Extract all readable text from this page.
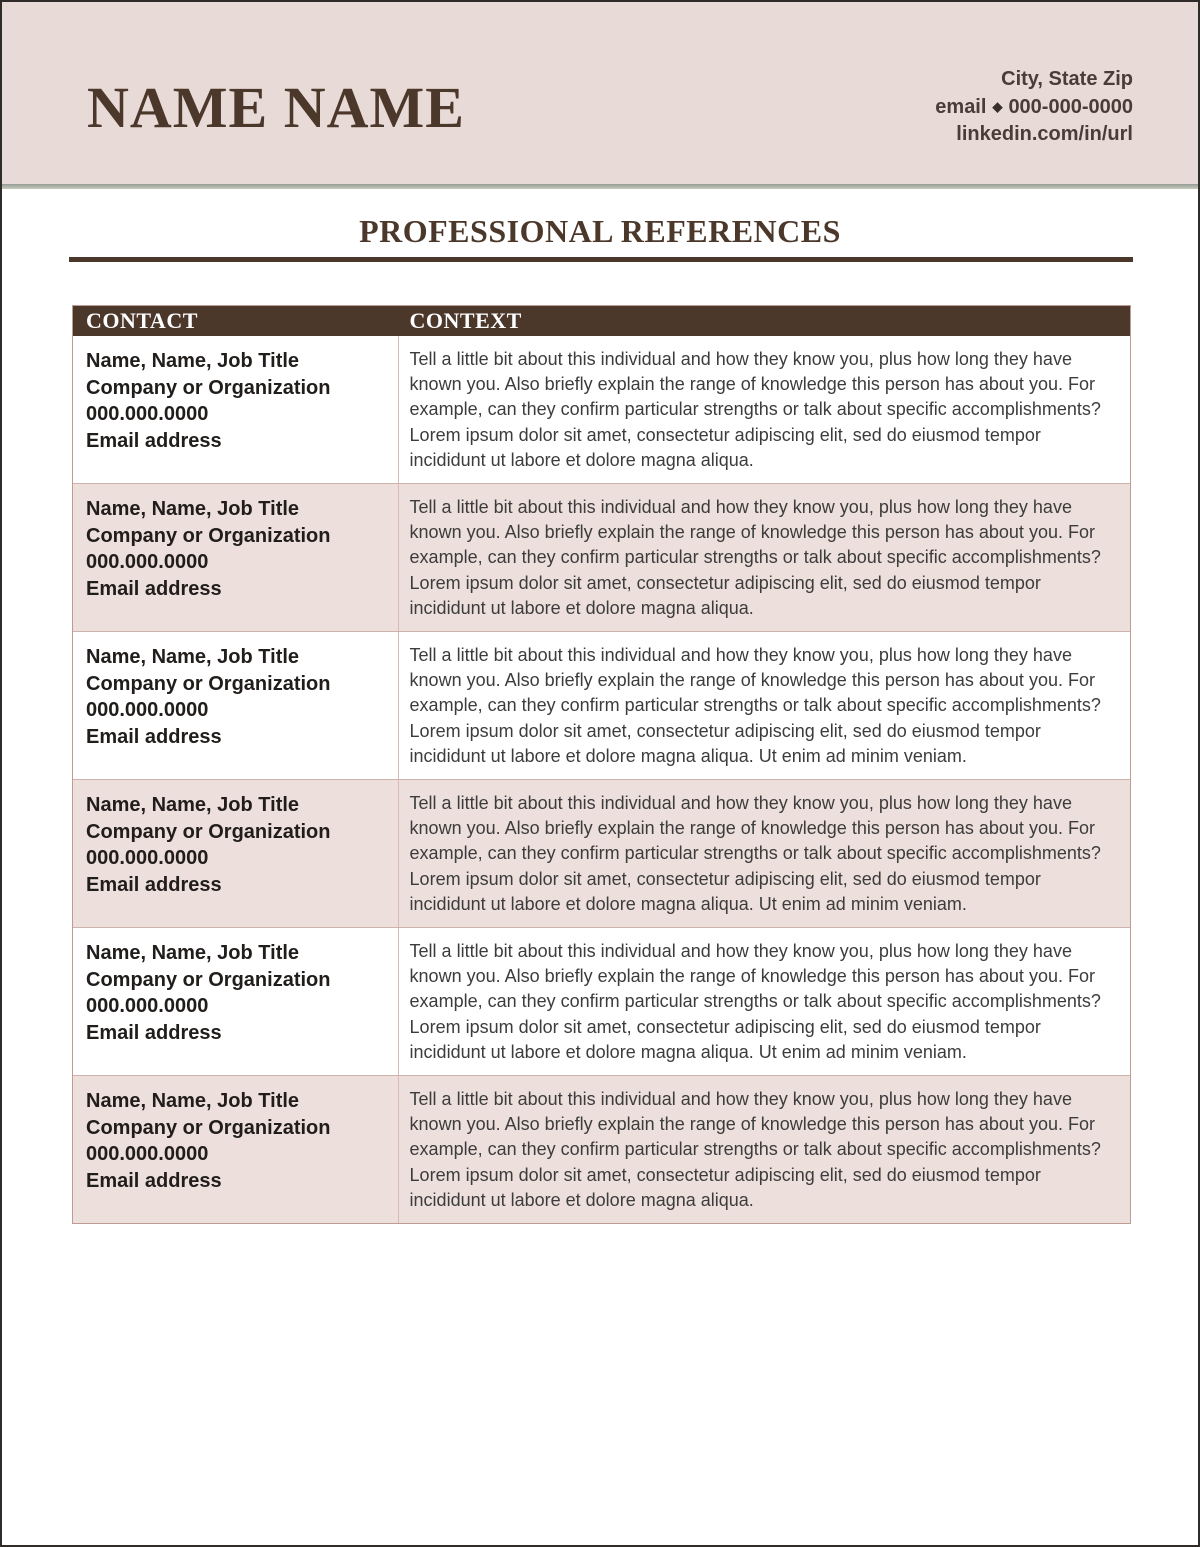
NAME NAME	City, State Zip
email ◆ 000-000-0000
linkedin.com/in/url
PROFESSIONAL REFERENCES
CONTACT	CONTEXT
Name, Name, Job Title
Company or Organization
000.000.0000
Email address

Tell a little bit about this individual and how they know you, plus how long they have known you. Also briefly explain the range of knowledge this person has about you. For example, can they confirm particular strengths or talk about specific accomplishments? Lorem ipsum dolor sit amet, consectetur adipiscing elit, sed do eiusmod tempor incididunt ut labore et dolore magna aliqua.

Name, Name, Job Title
Company or Organization
000.000.0000
Email address

Tell a little bit about this individual and how they know you, plus how long they have known you. Also briefly explain the range of knowledge this person has about you. For example, can they confirm particular strengths or talk about specific accomplishments? Lorem ipsum dolor sit amet, consectetur adipiscing elit, sed do eiusmod tempor incididunt ut labore et dolore magna aliqua.

Name, Name, Job Title
Company or Organization
000.000.0000
Email address

Tell a little bit about this individual and how they know you, plus how long they have known you. Also briefly explain the range of knowledge this person has about you. For example, can they confirm particular strengths or talk about specific accomplishments? Lorem ipsum dolor sit amet, consectetur adipiscing elit, sed do eiusmod tempor incididunt ut labore et dolore magna aliqua. Ut enim ad minim veniam.

Name, Name, Job Title
Company or Organization
000.000.0000
Email address

Tell a little bit about this individual and how they know you, plus how long they have known you. Also briefly explain the range of knowledge this person has about you. For example, can they confirm particular strengths or talk about specific accomplishments? Lorem ipsum dolor sit amet, consectetur adipiscing elit, sed do eiusmod tempor incididunt ut labore et dolore magna aliqua. Ut enim ad minim veniam.

Name, Name, Job Title
Company or Organization
000.000.0000
Email address

Tell a little bit about this individual and how they know you, plus how long they have known you. Also briefly explain the range of knowledge this person has about you. For example, can they confirm particular strengths or talk about specific accomplishments? Lorem ipsum dolor sit amet, consectetur adipiscing elit, sed do eiusmod tempor incididunt ut labore et dolore magna aliqua. Ut enim ad minim veniam.

Name, Name, Job Title
Company or Organization
000.000.0000
Email address

Tell a little bit about this individual and how they know you, plus how long they have known you. Also briefly explain the range of knowledge this person has about you. For example, can they confirm particular strengths or talk about specific accomplishments? Lorem ipsum dolor sit amet, consectetur adipiscing elit, sed do eiusmod tempor incididunt ut labore et dolore magna aliqua.
